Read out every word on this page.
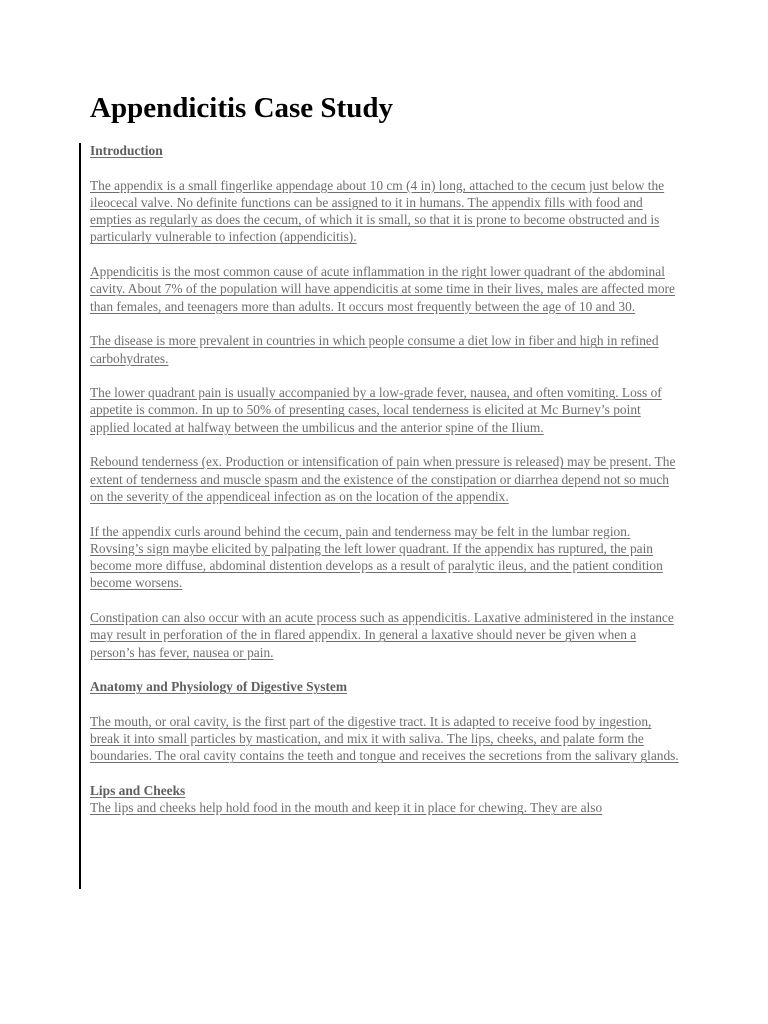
Appendicitis Case Study

Introduction

The appendix is a small fingerlike appendage about 10 cm (4 in) long, attached to the cecum just below the ileocecal valve. No definite functions can be assigned to it in humans. The appendix fills with food and empties as regularly as does the cecum, of which it is small, so that it is prone to become obstructed and is particularly vulnerable to infection (appendicitis).

Appendicitis is the most common cause of acute inflammation in the right lower quadrant of the abdominal cavity. About 7% of the population will have appendicitis at some time in their lives, males are affected more than females, and teenagers more than adults. It occurs most frequently between the age of 10 and 30.

The disease is more prevalent in countries in which people consume a diet low in fiber and high in refined carbohydrates.

The lower quadrant pain is usually accompanied by a low-grade fever, nausea, and often vomiting. Loss of appetite is common. In up to 50% of presenting cases, local tenderness is elicited at Mc Burney’s point applied located at halfway between the umbilicus and the anterior spine of the Ilium.

Rebound tenderness (ex. Production or intensification of pain when pressure is released) may be present. The extent of tenderness and muscle spasm and the existence of the constipation or diarrhea depend not so much on the severity of the appendiceal infection as on the location of the appendix.

If the appendix curls around behind the cecum, pain and tenderness may be felt in the lumbar region. Rovsing’s sign maybe elicited by palpating the left lower quadrant. If the appendix has ruptured, the pain become more diffuse, abdominal distention develops as a result of paralytic ileus, and the patient condition become worsens.

Constipation can also occur with an acute process such as appendicitis. Laxative administered in the instance may result in perforation of the in flared appendix. In general a laxative should never be given when a person’s has fever, nausea or pain.

Anatomy and Physiology of Digestive System

The mouth, or oral cavity, is the first part of the digestive tract. It is adapted to receive food by ingestion, break it into small particles by mastication, and mix it with saliva. The lips, cheeks, and palate form the boundaries. The oral cavity contains the teeth and tongue and receives the secretions from the salivary glands.

Lips and Cheeks

The lips and cheeks help hold food in the mouth and keep it in place for chewing. They are also
